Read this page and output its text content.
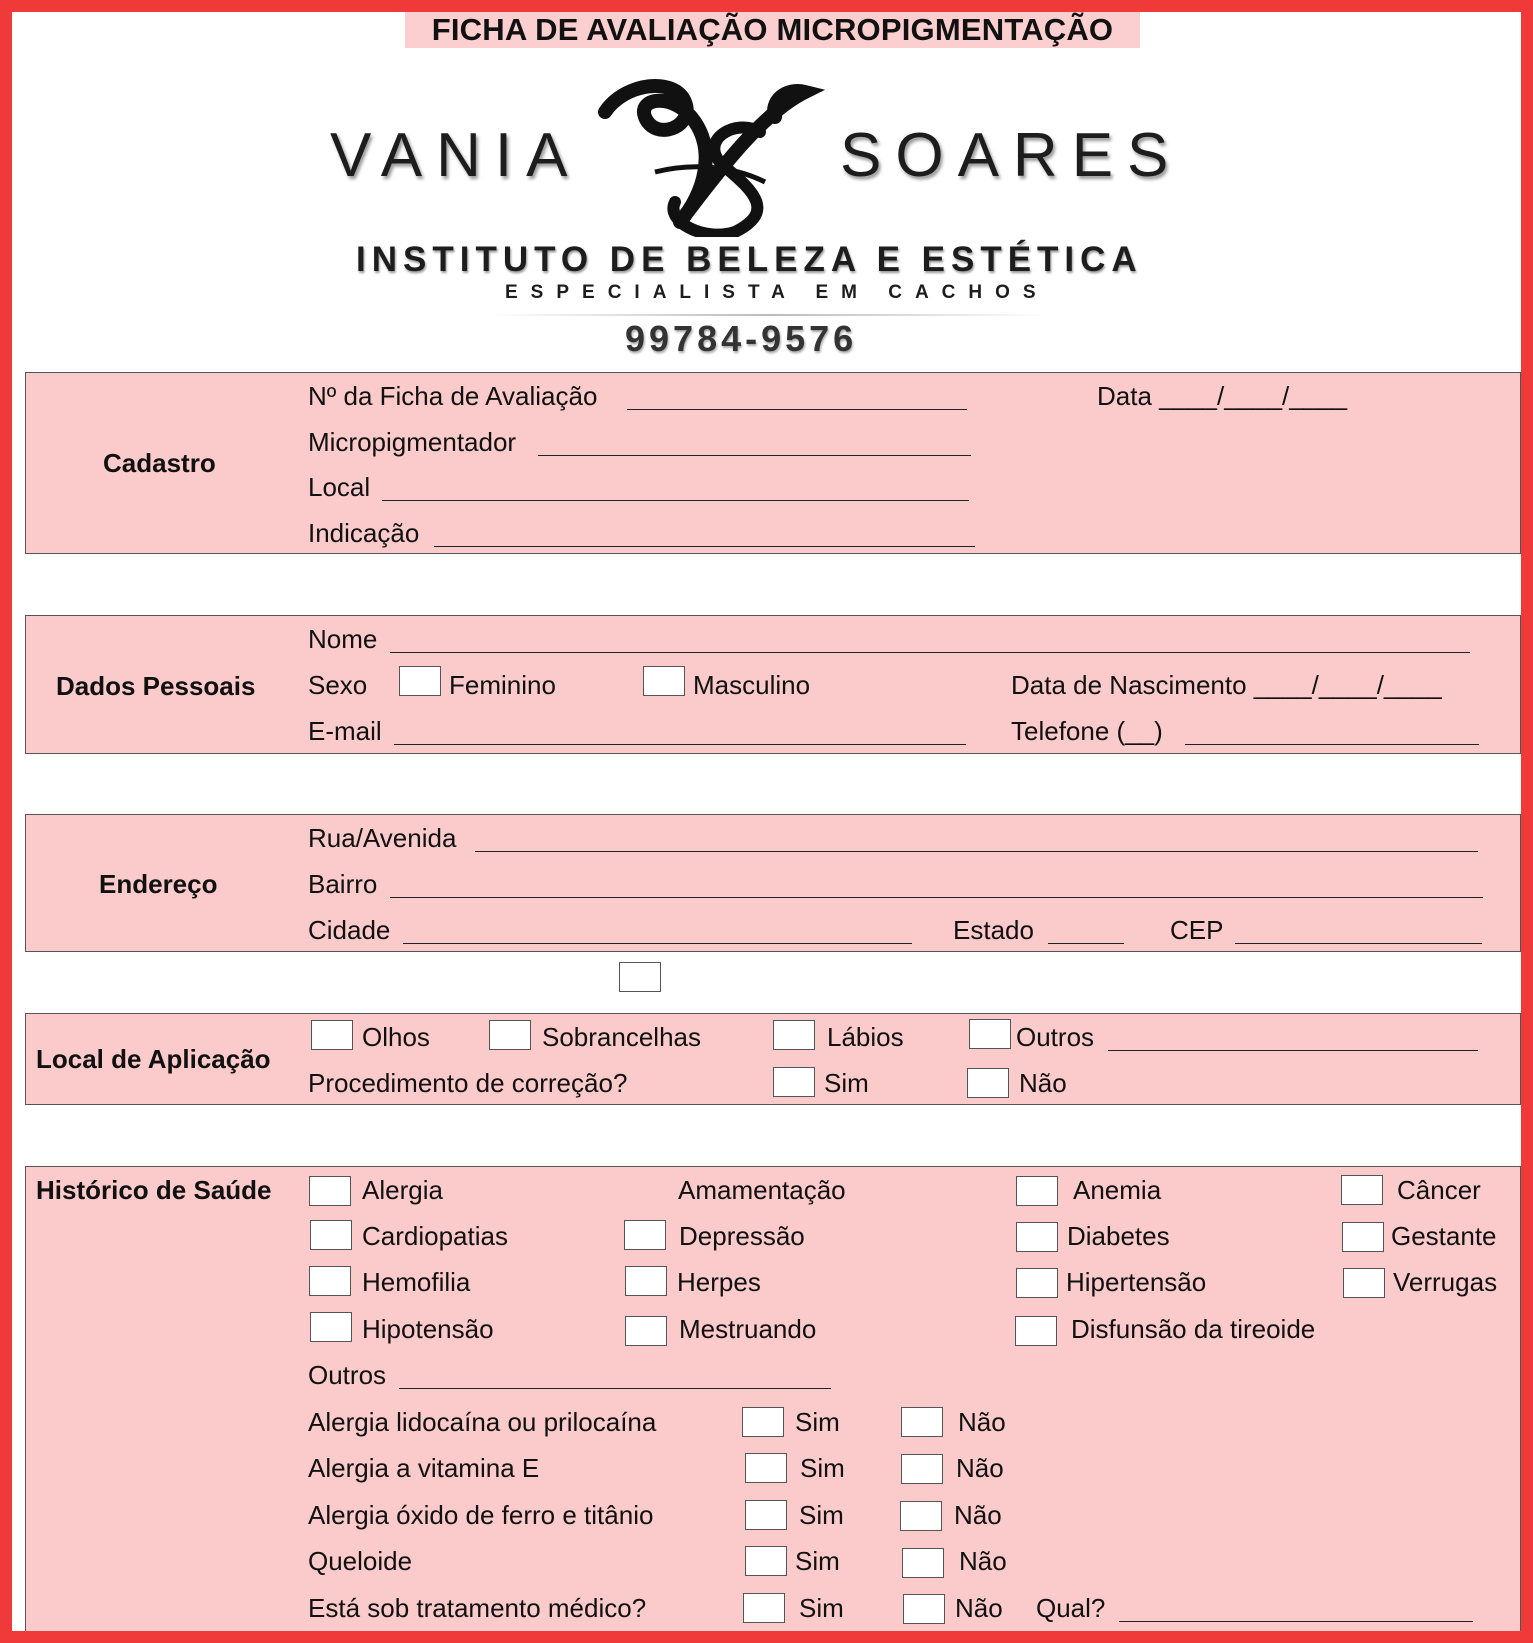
FICHA DE AVALIAÇÃO MICROPIGMENTAÇÃO
VANIA	SOARES
INSTITUTO DE BELEZA E ESTÉTICA
ESPECIALISTA EM CACHOS
99784-9576
Cadastro
Nº da Ficha de Avaliação	Data ____/____/____
Micropigmentador
Local
Indicação
Dados Pessoais
Nome
Sexo	Feminino	Masculino	Data de Nascimento ____/____/____
E-mail	Telefone (__)
Endereço
Rua/Avenida
Bairro
Cidade	Estado	CEP
Local de Aplicação
Olhos	Sobrancelhas	Lábios	Outros
Procedimento de correção?	Sim	Não
Histórico de Saúde	Alergia	Amamentação	Anemia	Câncer
Cardiopatias	Depressão	Diabetes	Gestante
Hemofilia	Herpes	Hipertensão	Verrugas
Hipotensão	Mestruando	Disfunsão da tireoide
Outros
Alergia lidocaína ou prilocaína	Sim	Não
Alergia a vitamina E	Sim	Não
Alergia óxido de ferro e titânio	Sim	Não
Queloide	Sim	Não
Está sob tratamento médico?	Sim	Não Qual?
